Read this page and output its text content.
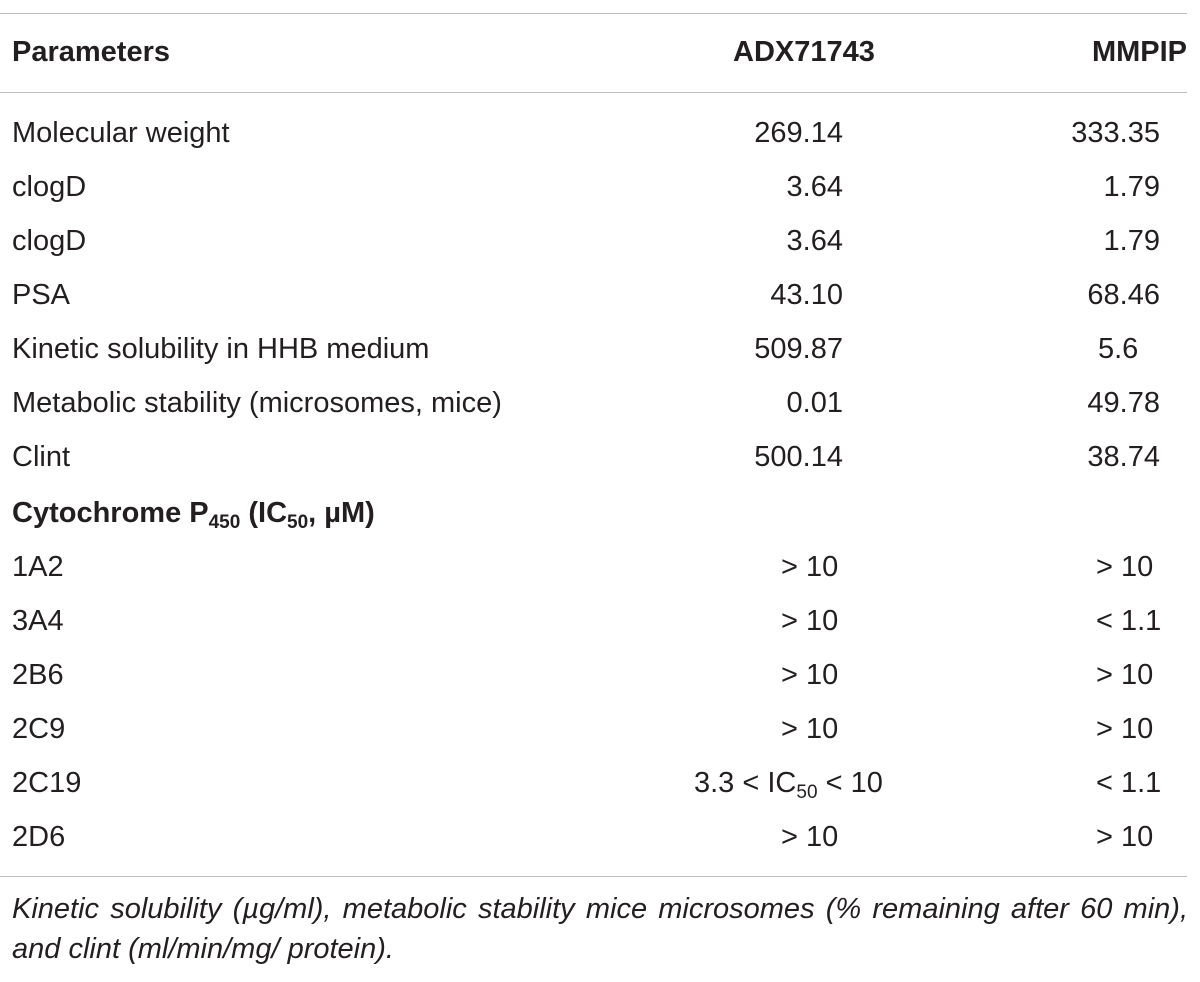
Parameters	ADX71743	MMPIP
Molecular weight	269.14	333.35
clogD	3.64	1.79
clogD	3.64	1.79
PSA	43.10	68.46
Kinetic solubility in HHB medium	509.87	5.6
Metabolic stability (microsomes, mice)	0.01	49.78
Clint	500.14	38.74
Cytochrome $P_{450}$ ($IC_{50}$, µM)
1A2	> 10	> 10
3A4	> 10	< 1.1
2B6	> 10	> 10
2C9	> 10	> 10
2C19	$3.3 < IC_{50} < 10$	< 1.1
2D6	> 10	> 10
Kinetic solubility (µg/ml), metabolic stability mice microsomes (% remaining after 60 min), and clint (ml/min/mg/ protein).
